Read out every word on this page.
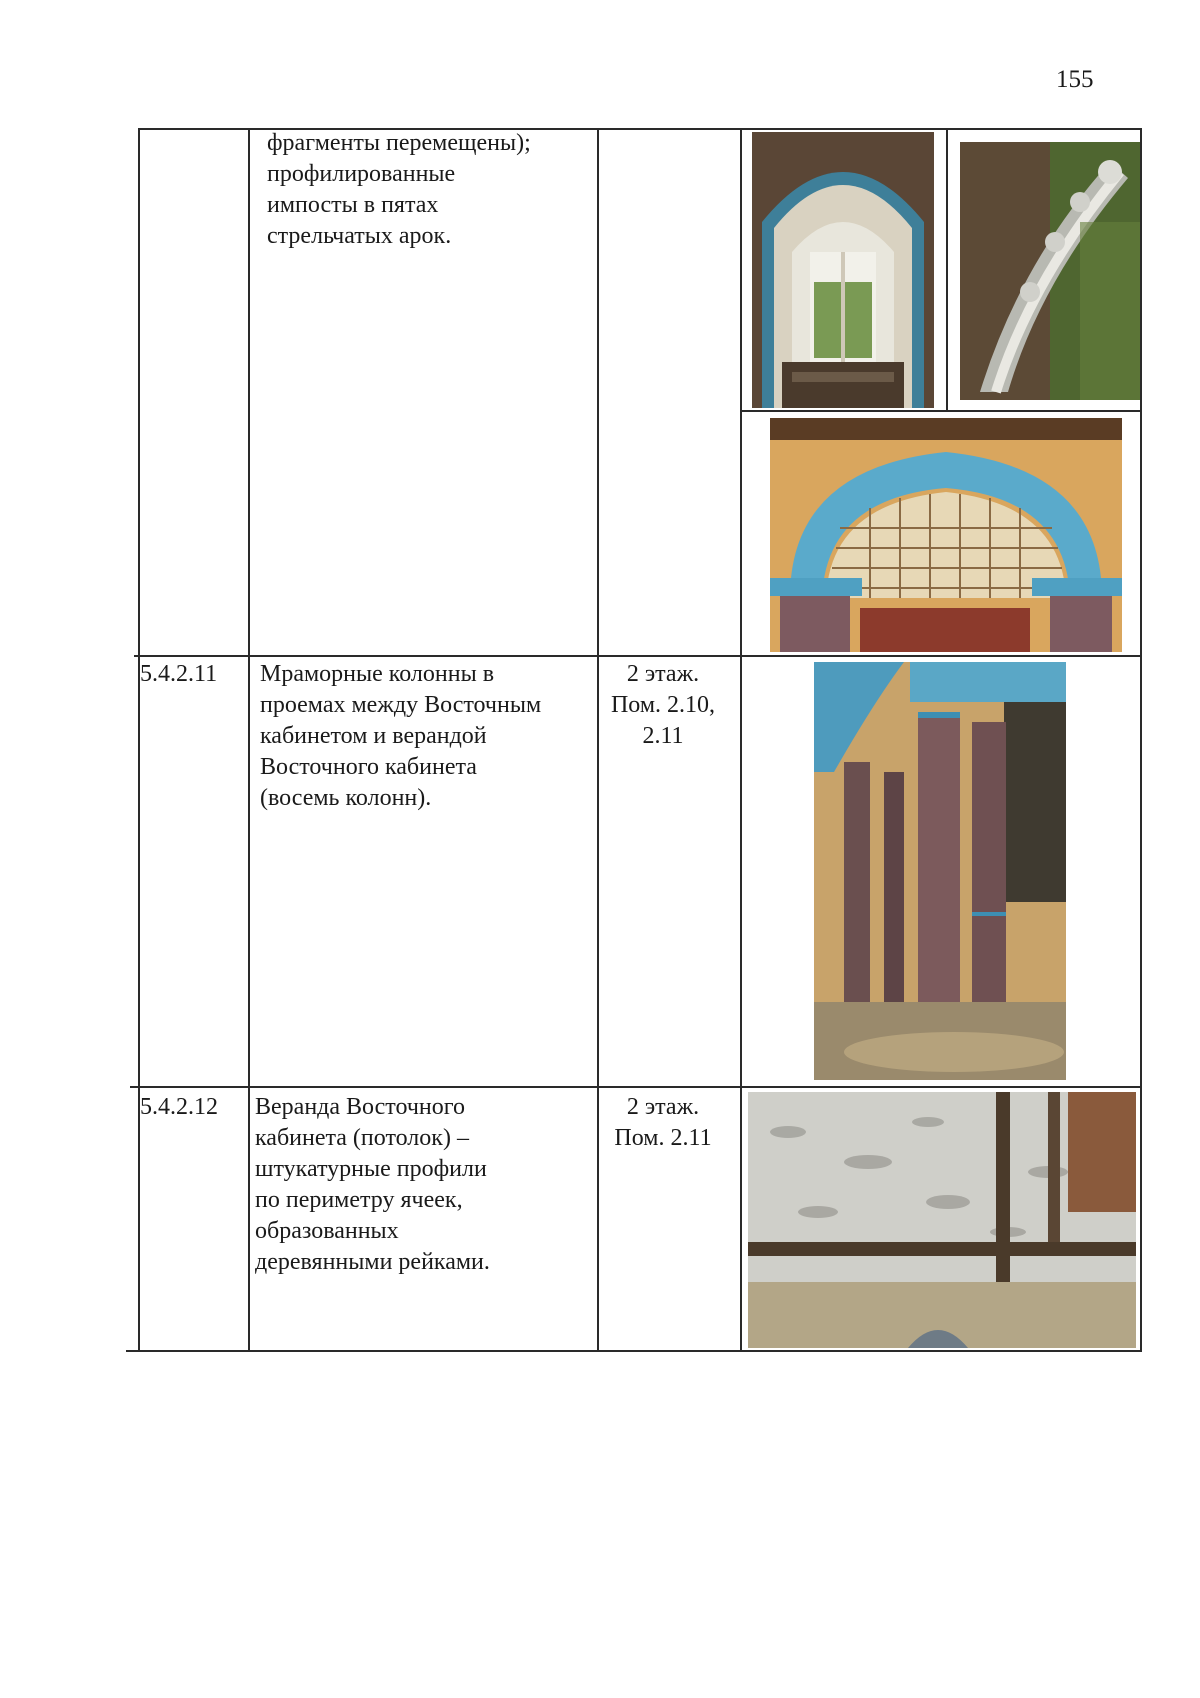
155
фрагменты перемещены);
профилированные
импосты в пятах
стрельчатых арок.
5.4.2.11 Мраморные колонны в
проемах между Восточным
кабинетом и верандой
Восточного кабинета
(восемь колонн).
2 этаж.
Пом. 2.10,
2.11
5.4.2.12 Веранда Восточного
кабинета (потолок) –
штукатурные профили
по периметру ячеек,
образованных
деревянными рейками.
2 этаж.
Пом. 2.11
